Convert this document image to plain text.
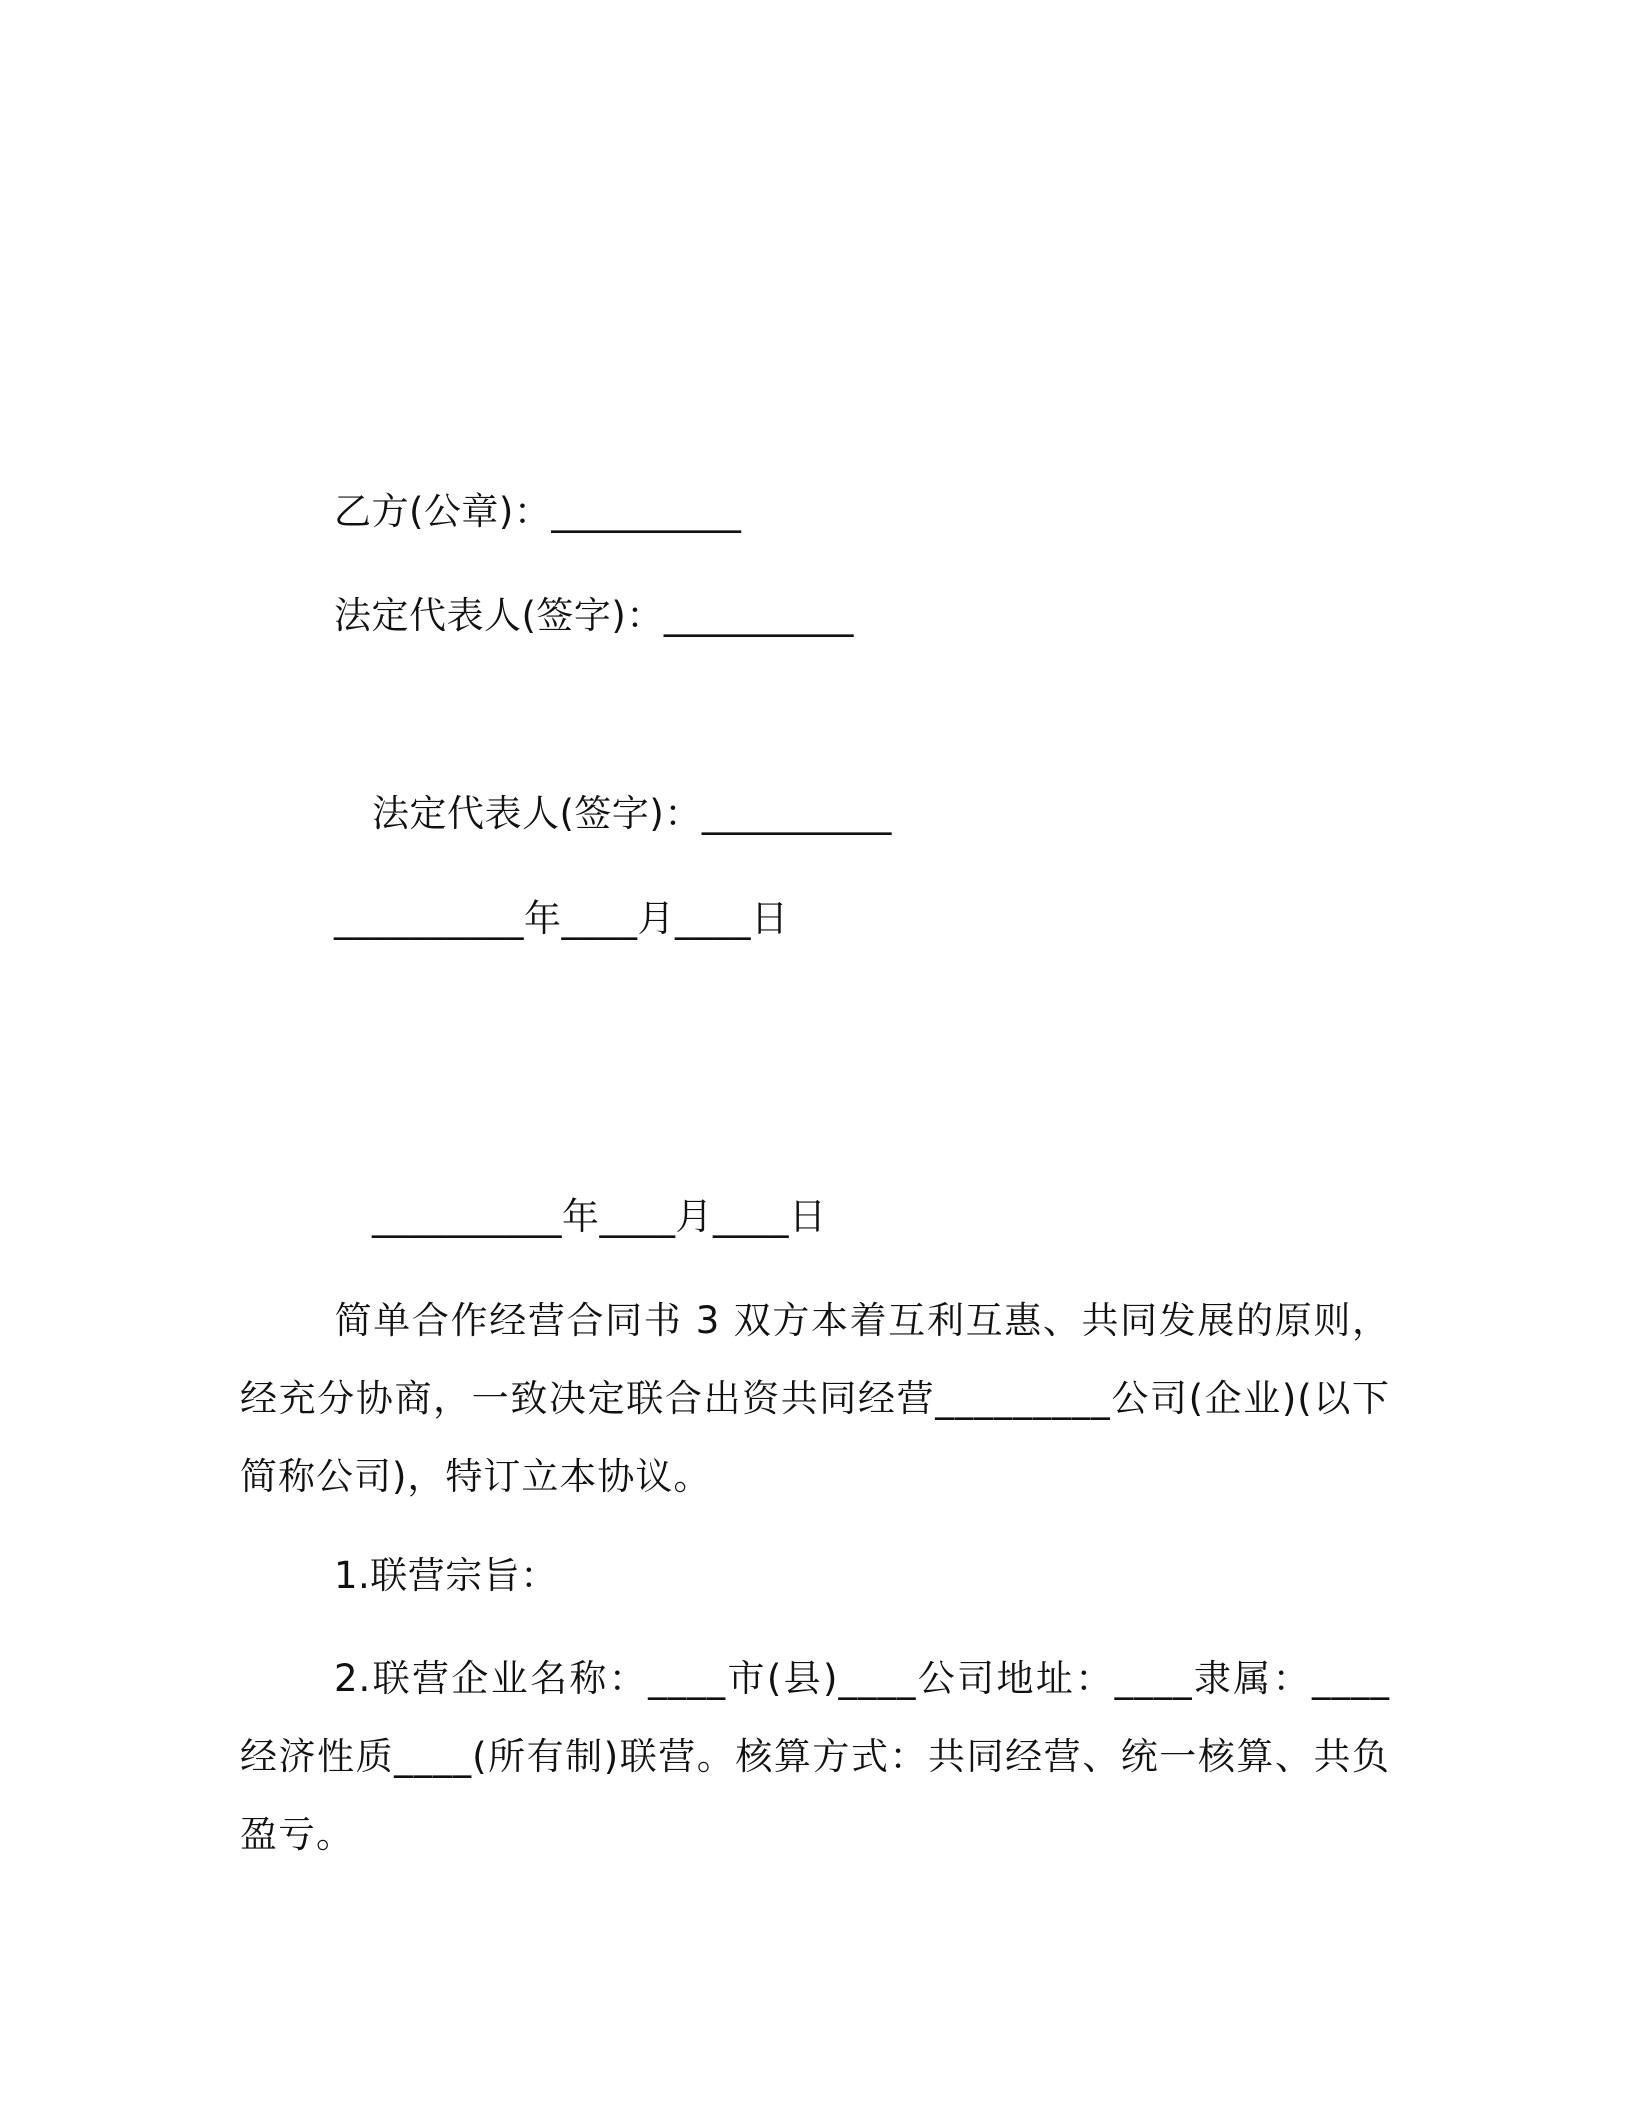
乙方(公章)：__________
法定代表人(签字)：__________
法定代表人(签字)：__________
__________年____月____日
__________年____月____日
简单合作经营合同书 3 双方本着互利互惠、共同发展的原则，经充分协商，一致决定联合出资共同经营_________公司(企业)(以下简称公司)，特订立本协议。
1.联营宗旨：
2.联营企业名称：____市(县)____公司地址：____隶属：____经济性质____(所有制)联营。核算方式：共同经营、统一核算、共负盈亏。
